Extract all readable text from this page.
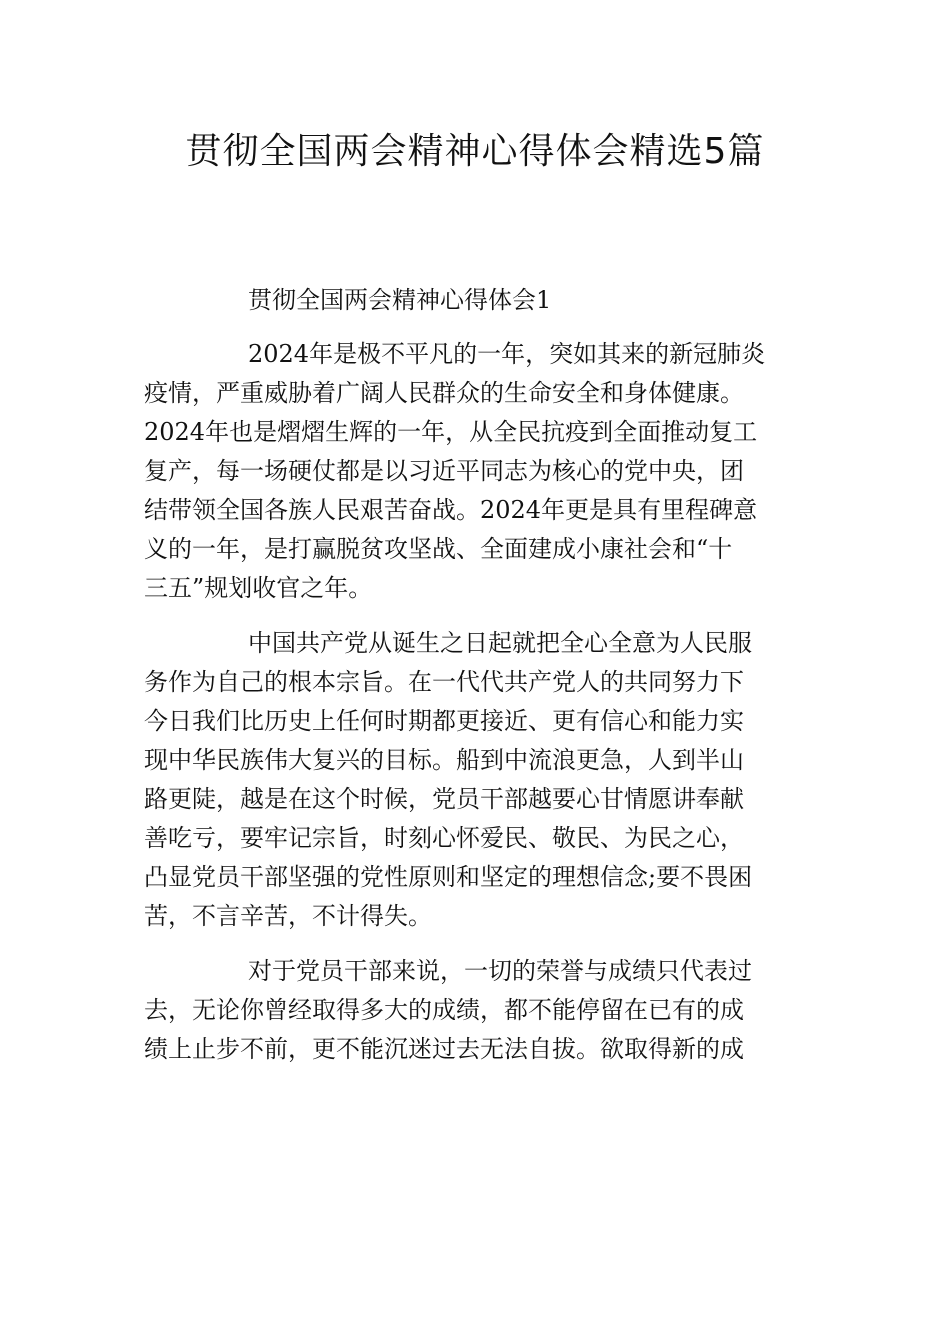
贯彻全国两会精神心得体会精选5篇

贯彻全国两会精神心得体会1

2024年是极不平凡的一年，突如其来的新冠肺炎
疫情，严重威胁着广阔人民群众的生命安全和身体健康。
2024年也是熠熠生辉的一年，从全民抗疫到全面推动复工
复产，每一场硬仗都是以习近平同志为核心的党中央，团
结带领全国各族人民艰苦奋战。2024年更是具有里程碑意
义的一年，是打赢脱贫攻坚战、全面建成小康社会和“十
三五”规划收官之年。
中国共产党从诞生之日起就把全心全意为人民服
务作为自己的根本宗旨。在一代代共产党人的共同努力下
今日我们比历史上任何时期都更接近、更有信心和能力实
现中华民族伟大复兴的目标。船到中流浪更急，人到半山
路更陡，越是在这个时候，党员干部越要心甘情愿讲奉献
善吃亏，要牢记宗旨，时刻心怀爱民、敬民、为民之心，
凸显党员干部坚强的党性原则和坚定的理想信念;要不畏困
苦，不言辛苦，不计得失。
对于党员干部来说，一切的荣誉与成绩只代表过
去，无论你曾经取得多大的成绩，都不能停留在已有的成
绩上止步不前，更不能沉迷过去无法自拔。欲取得新的成
